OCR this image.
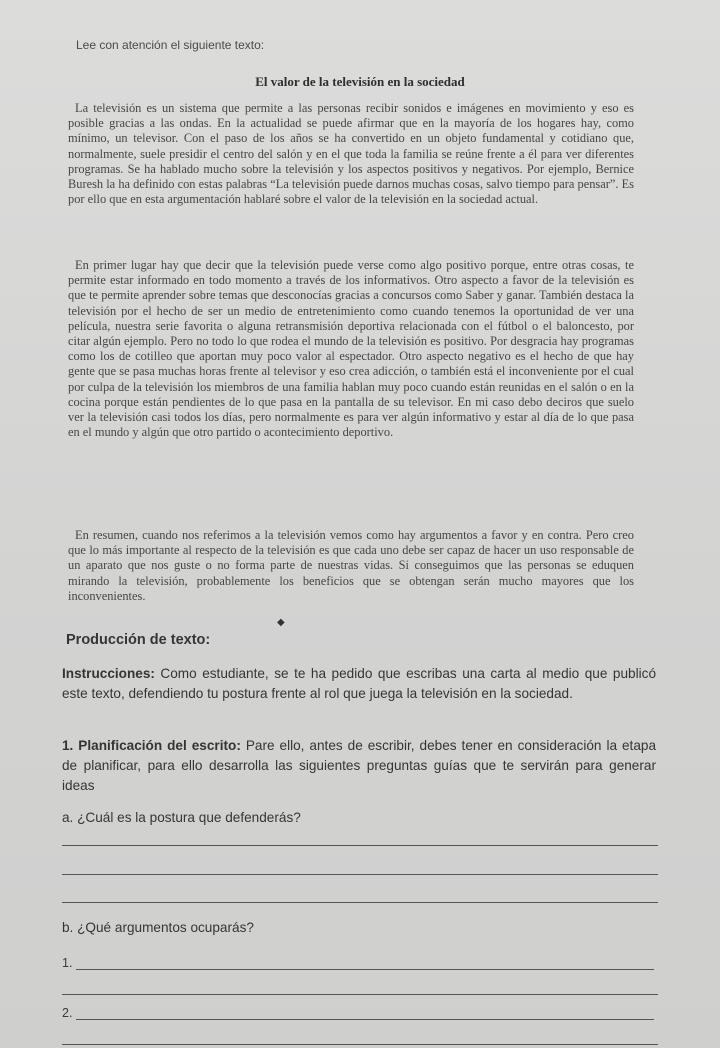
Lee con atención el siguiente texto:
El valor de la televisión en la sociedad
La televisión es un sistema que permite a las personas recibir sonidos e imágenes en movimiento y eso es posible gracias a las ondas. En la actualidad se puede afirmar que en la mayoría de los hogares hay, como mínimo, un televisor. Con el paso de los años se ha convertido en un objeto fundamental y cotidiano que, normalmente, suele presidir el centro del salón y en el que toda la familia se reúne frente a él para ver diferentes programas. Se ha hablado mucho sobre la televisión y los aspectos positivos y negativos. Por ejemplo, Bernice Buresh la ha definido con estas palabras “La televisión puede darnos muchas cosas, salvo tiempo para pensar”. Es por ello que en esta argumentación hablaré sobre el valor de la televisión en la sociedad actual.
En primer lugar hay que decir que la televisión puede verse como algo positivo porque, entre otras cosas, te permite estar informado en todo momento a través de los informativos. Otro aspecto a favor de la televisión es que te permite aprender sobre temas que desconocías gracias a concursos como Saber y ganar. También destaca la televisión por el hecho de ser un medio de entretenimiento como cuando tenemos la oportunidad de ver una película, nuestra serie favorita o alguna retransmisión deportiva relacionada con el fútbol o el baloncesto, por citar algún ejemplo. Pero no todo lo que rodea el mundo de la televisión es positivo. Por desgracia hay programas como los de cotilleo que aportan muy poco valor al espectador. Otro aspecto negativo es el hecho de que hay gente que se pasa muchas horas frente al televisor y eso crea adicción, o también está el inconveniente por el cual por culpa de la televisión los miembros de una familia hablan muy poco cuando están reunidas en el salón o en la cocina porque están pendientes de lo que pasa en la pantalla de su televisor. En mi caso debo deciros que suelo ver la televisión casi todos los días, pero normalmente es para ver algún informativo y estar al día de lo que pasa en el mundo y algún que otro partido o acontecimiento deportivo.
En resumen, cuando nos referimos a la televisión vemos como hay argumentos a favor y en contra. Pero creo que lo más importante al respecto de la televisión es que cada uno debe ser capaz de hacer un uso responsable de un aparato que nos guste o no forma parte de nuestras vidas. Si conseguimos que las personas se eduquen mirando la televisión, probablemente los beneficios que se obtengan serán mucho mayores que los inconvenientes.
◆
Producción de texto:
Instrucciones: Como estudiante, se te ha pedido que escribas una carta al medio que publicó este texto, defendiendo tu postura frente al rol que juega la televisión en la sociedad.
1. Planificación del escrito: Pare ello, antes de escribir, debes tener en consideración la etapa de planificar, para ello desarrolla las siguientes preguntas guías que te servirán para generar ideas
a. ¿Cuál es la postura que defenderás?
b. ¿Qué argumentos ocuparás?
1.
2.
